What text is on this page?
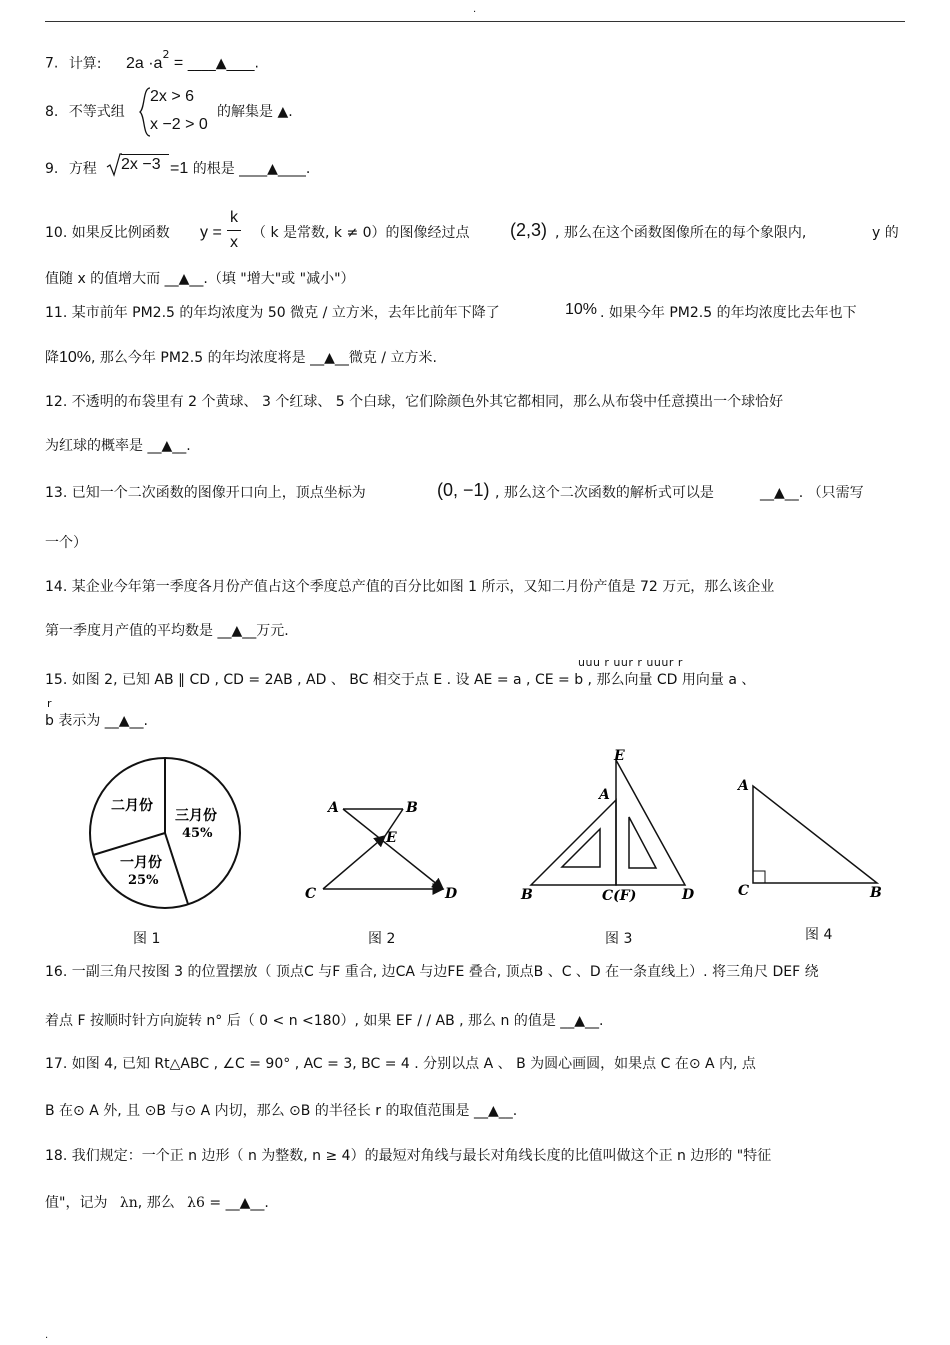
.
7. 计算: $2a \cdot a^2$ = ____▲____.
8. 不等式组
2x > 6
x −2 > 0
的解集是 ▲.
9. 方程 2x −3 =1 的根是 ____▲____.
10. 如果反比例函数 y =
k
x
（ k 是常数, k ≠ 0）的图像经过点 (2,3) , 那么在这个函数图像所在的每个象限内,	y 的
值随 x 的值增大而 __▲__.（填 "增大"或 "减小"）
11. 某市前年 PM2.5 的年均浓度为 50 微克 / 立方米，去年比前年下降了	10% . 如果今年 PM2.5 的年均浓度比去年也下
降10%, 那么今年 PM2.5 的年均浓度将是 __▲__微克 / 立方米.
12. 不透明的布袋里有 2 个黄球、 3 个红球、 5 个白球，它们除颜色外其它都相同，那么从布袋中任意摸出一个球恰好
为红球的概率是 __▲__.
13. 已知一个二次函数的图像开口向上，顶点坐标为	(0, −1) , 那么这个二次函数的解析式可以是	__▲__. （只需写
一个）
14. 某企业今年第一季度各月份产值占这个季度总产值的百分比如图 1 所示，又知二月份产值是 72 万元，那么该企业
第一季度月产值的平均数是 __▲__万元.
uuu r uur r uuur r
15. 如图 2, 已知 AB ∥ CD , CD = 2AB , AD 、 BC 相交于点 E . 设 AE = a , CE = b , 那么向量 CD 用向量 a 、
r
b 表示为 __▲__.
二月份
三月份
45%
一月份
25%
图 1
A	B
E
C	D
图 2
E
A
B	C(F)	D
图 3
A
C	B
图 4
16. 一副三角尺按图 3 的位置摆放（ 顶点C 与F 重合, 边CA 与边FE 叠合, 顶点B 、C 、D 在一条直线上）. 将三角尺 DEF 绕
着点 F 按顺时针方向旋转 n° 后（ 0 < n <180）, 如果 EF / / AB , 那么 n 的值是 __▲__.
17. 如图 4, 已知 Rt△ABC , ∠C = 90° , AC = 3, BC = 4 . 分别以点 A 、 B 为圆心画圆，如果点 C 在⊙ A 内, 点
B 在⊙ A 外, 且 ⊙B 与⊙ A 内切，那么 ⊙B 的半径长 r 的取值范围是 __▲__.
18. 我们规定：一个正 n 边形（ n 为整数, n ≥ 4）的最短对角线与最长对角线长度的比值叫做这个正 n 边形的 "特征
值"，记为 λn, 那么 λ6 = __▲__.
.
